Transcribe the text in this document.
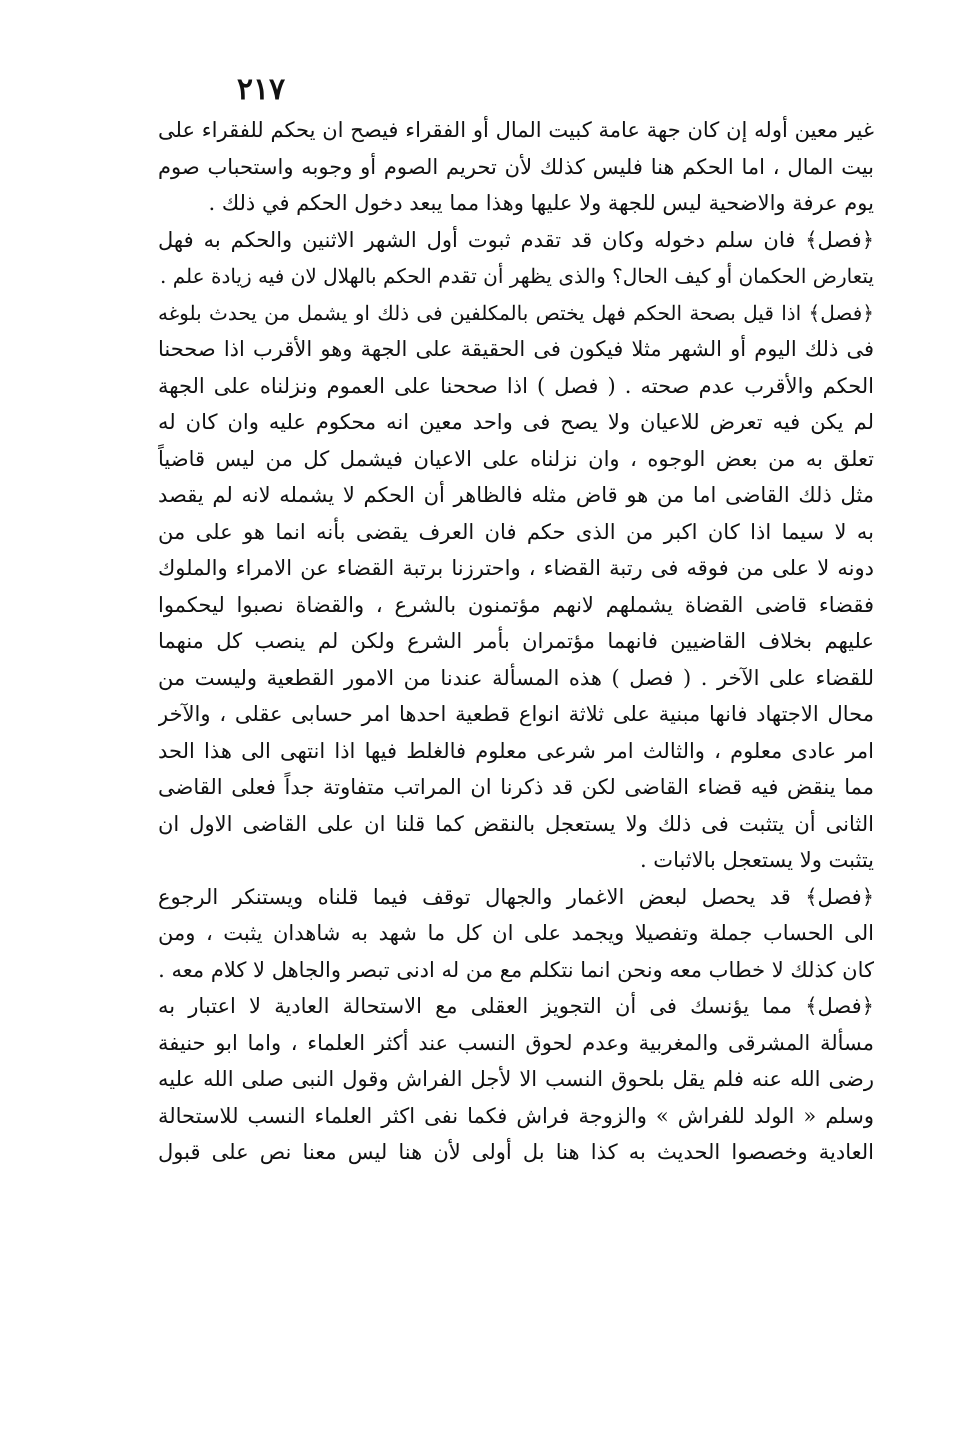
٢١٧
غير معين أوله إن كان جهة عامة كبيت المال أو الفقراء فيصح ان يحكم للفقراء على
بيت المال ، اما الحكم هنا فليس كذلك لأن تحريم الصوم أو وجوبه واستحباب صوم
يوم عرفة والاضحية ليس للجهة ولا عليها وهذا مما يبعد دخول الحكم في ذلك .
﴿فصل﴾ فان سلم دخوله وكان قد تقدم ثبوت أول الشهر الاثنين والحكم به فهل
يتعارض الحكمان أو كيف الحال؟ والذى يظهر أن تقدم الحكم بالهلال لان فيه زيادة علم .
﴿فصل﴾ اذا قيل بصحة الحكم فهل يختص بالمكلفين فى ذلك او يشمل من يحدث بلوغه
فى ذلك اليوم أو الشهر مثلا فيكون فى الحقيقة على الجهة وهو الأقرب اذا صححنا
الحكم والأقرب عدم صحته . ( فصل ) اذا صححنا على العموم ونزلناه على الجهة
لم يكن فيه تعرض للاعيان ولا يصح فى واحد معين انه محكوم عليه وان كان له
تعلق به من بعض الوجوه ، وان نزلناه على الاعيان فيشمل كل من ليس قاضياً
مثل ذلك القاضى اما من هو قاض مثله فالظاهر أن الحكم لا يشمله لانه لم يقصد
به لا سيما اذا كان اكبر من الذى حكم فان العرف يقضى بأنه انما هو على من
دونه لا على من فوقه فى رتبة القضاء ، واحترزنا برتبة القضاء عن الامراء والملوك
فقضاء قاضى القضاة يشملهم لانهم مؤتمنون بالشرع ، والقضاة نصبوا ليحكموا
عليهم بخلاف القاضيين فانهما مؤتمران بأمر الشرع ولكن لم ينصب كل منهما
للقضاء على الآخر . ( فصل ) هذه المسألة عندنا من الامور القطعية وليست من
محال الاجتهاد فانها مبنية على ثلاثة انواع قطعية احدها امر حسابى عقلى ، والآخر
امر عادى معلوم ، والثالث امر شرعى معلوم فالغلط فيها اذا انتهى الى هذا الحد
مما ينقض فيه قضاء القاضى لكن قد ذكرنا ان المراتب متفاوتة جداً فعلى القاضى
الثانى أن يتثبت فى ذلك ولا يستعجل بالنقض كما قلنا ان على القاضى الاول ان
يتثبت ولا يستعجل بالاثبات .
﴿فصل﴾ قد يحصل لبعض الاغمار والجهال توقف فيما قلناه ويستنكر الرجوع
الى الحساب جملة وتفصيلا ويجمد على ان كل ما شهد به شاهدان يثبت ، ومن
كان كذلك لا خطاب معه ونحن انما نتكلم مع من له ادنى تبصر والجاهل لا كلام معه .
﴿فصل﴾ مما يؤنسك فى أن التجويز العقلى مع الاستحالة العادية لا اعتبار به
مسألة المشرقى والمغربية وعدم لحوق النسب عند أكثر العلماء ، واما ابو حنيفة
رضى الله عنه فلم يقل بلحوق النسب الا لأجل الفراش وقول النبى صلى الله عليه
وسلم « الولد للفراش » والزوجة فراش فكما نفى اكثر العلماء النسب للاستحالة
العادية وخصصوا الحديث به كذا هنا بل أولى لأن هنا ليس معنا نص على قبول
